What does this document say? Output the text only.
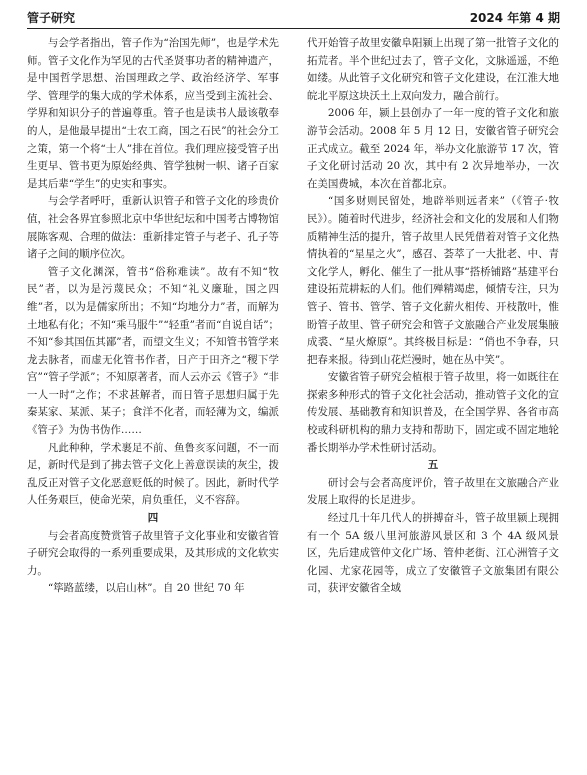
管子研究	2024 年第 4 期

与会学者指出，管子作为“治国先师”，也是学术先师。管子文化作为罕见的古代圣贤事功者的精神遗产，是中国哲学思想、治国理政之学、政治经济学、军事学、管理学的集大成的学术体系，应当受到主流社会、学界和知识分子的普遍尊重。管子也是读书人最该敬奉的人，是他最早提出“士农工商，国之石民”的社会分工之策，第一个将“士人”排在首位。我们理应接受管子出生更早、管书更为原始经典、管学独树一帜、诸子百家是其后辈“学生”的史实和事实。

与会学者呼吁，重新认识管子和管子文化的珍贵价值，社会各界宜参照北京中华世纪坛和中国考古博物馆展陈客观、合理的做法：重新排定管子与老子、孔子等诸子之间的顺序位次。

管子文化渊深，管书“俗称难读”。故有不知“牧民”者，以为是污蔑民众；不知“礼义廉耻，国之四维”者，以为是儒家所出；不知“均地分力”者，而解为土地私有化；不知“乘马服牛”“轻重”者而“自说自话”；不知“参其国伍其鄙”者，而望文生义；不知管书管学来龙去脉者，而虚无化管书作者，日产于田齐之“稷下学宫”“管子学派”；不知原著者，而人云亦云《管子》“非一人一时”之作；不求甚解者，而日管子思想归属于先秦某家、某派、某子；食洋不化者，而轻薄为文，编派《管子》为伪书伪作……

凡此种种，学术裹足不前、鱼鲁亥豕问题，不一而足，新时代是到了拂去管子文化上善意误读的灰尘，拨乱反正对管子文化恶意贬低的时候了。因此，新时代学人任务艰巨，使命光荣，肩负重任，义不容辞。

四

与会者高度赞赏管子故里管子文化事业和安徽省管子研究会取得的一系列重要成果，及其形成的文化软实力。

“筚路蓝缕，以启山林”。自 20 世纪 70 年

代开始管子故里安徽阜阳颍上出现了第一批管子文化的拓荒者。半个世纪过去了，管子文化，文脉遥遥，不绝如缕。从此管子文化研究和管子文化建设，在江淮大地皖北平原这块沃土上双向发力，融合前行。

2006 年，颍上县创办了一年一度的管子文化和旅游节会活动。2008 年 5 月 12 日，安徽省管子研究会正式成立。截至 2024 年，举办文化旅游节 17 次，管子文化研讨活动 20 次，其中有 2 次异地举办，一次在美国费城，本次在首都北京。

“国多财则民留处，地辟举则远者来”（《管子·牧民》）。随着时代进步，经济社会和文化的发展和人们物质精神生活的提升，管子故里人民凭借着对管子文化热情执着的“星星之火”，感召、荟萃了一大批老、中、青文化学人，孵化、催生了一批从事“搭桥铺路”基建平台建设拓荒耕耘的人们。他们殚精竭虑，倾情专注，只为管子、管书、管学、管子文化薪火相传、开枝散叶，惟盼管子故里、管子研究会和管子文旅融合产业发展集腋成裘、“星火燎原”。其终极目标是：“俏也不争春，只把春来报。待到山花烂漫时，她在丛中笑”。

安徽省管子研究会植根于管子故里，将一如既往在探索多种形式的管子文化社会活动，推动管子文化的宣传发展、基础教育和知识普及，在全国学界、各省市高校或科研机构的鼎力支持和帮助下，固定或不固定地轮番长期举办学术性研讨活动。

五

研讨会与会者高度评价，管子故里在文旅融合产业发展上取得的长足进步。

经过几十年几代人的拼搏奋斗，管子故里颍上现拥有一个 5A 级八里河旅游风景区和 3 个 4A 级风景区，先后建成管仲文化广场、管仲老街、江心洲管子文化园、尤家花园等，成立了安徽管子文旅集团有限公司，获评安徽省全域
